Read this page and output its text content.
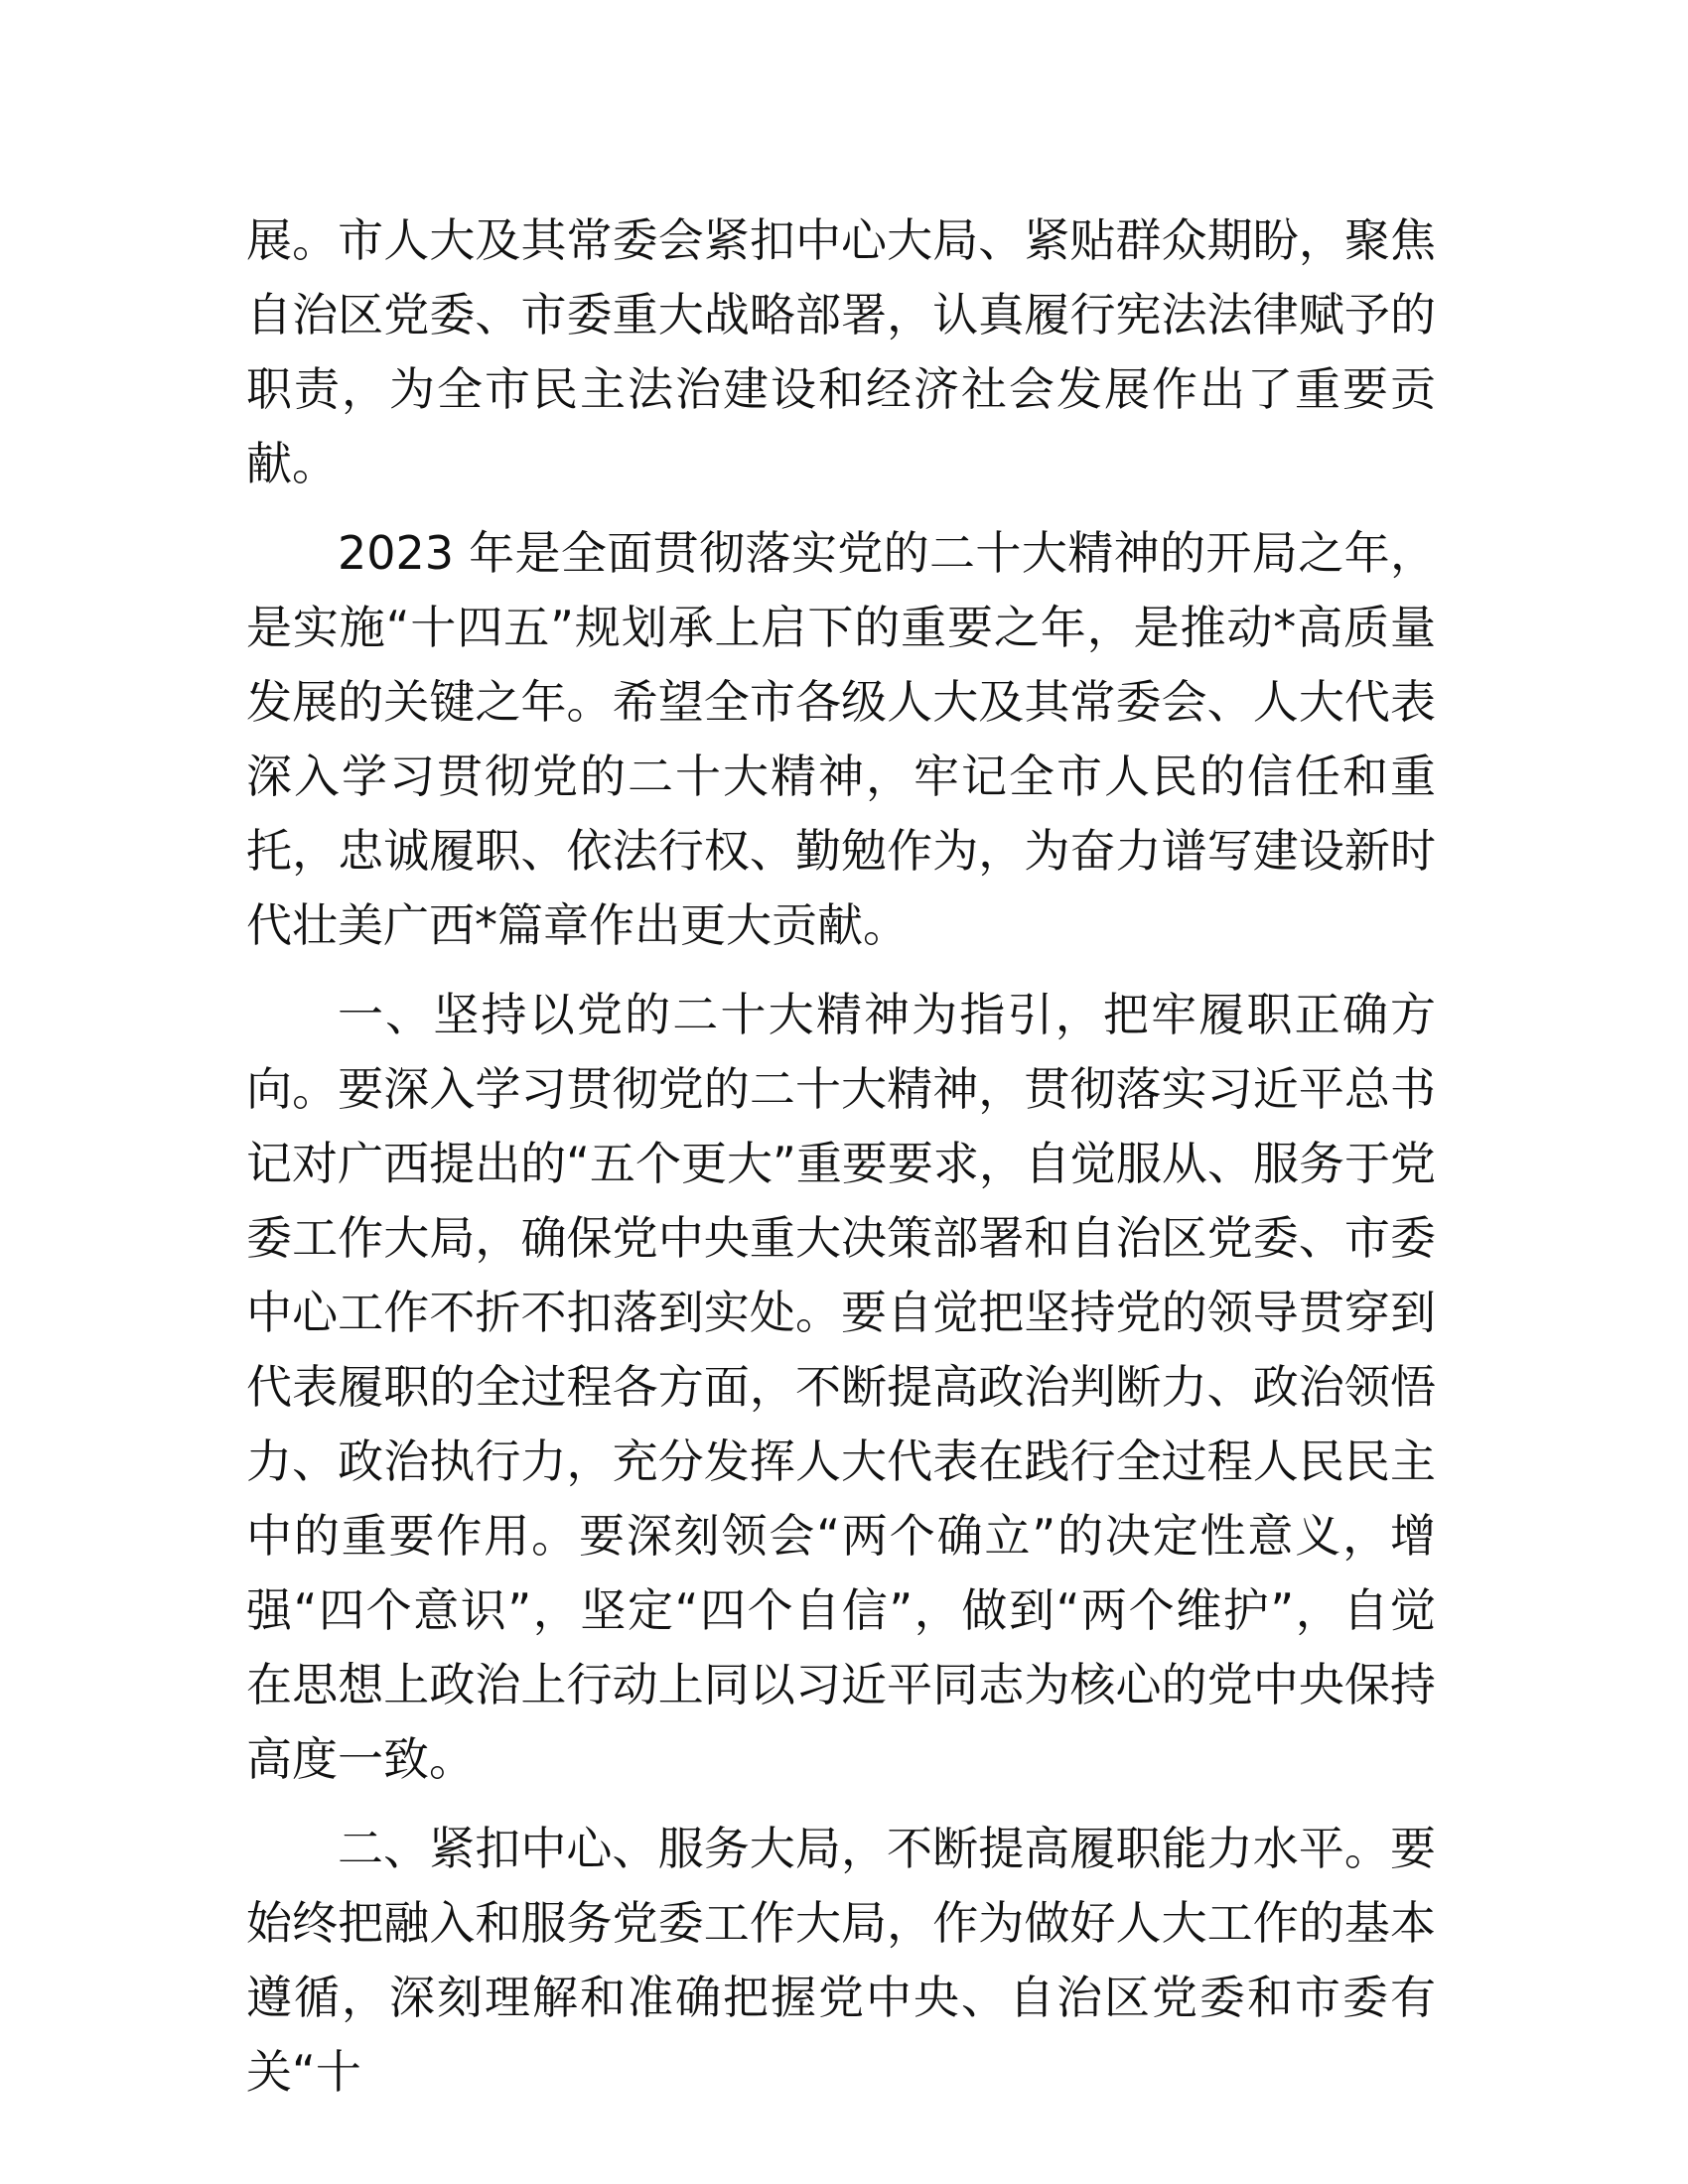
展。市人大及其常委会紧扣中心大局、紧贴群众期盼，聚焦自治区党委、市委重大战略部署，认真履行宪法法律赋予的职责，为全市民主法治建设和经济社会发展作出了重要贡献。

2023 年是全面贯彻落实党的二十大精神的开局之年，是实施“十四五”规划承上启下的重要之年，是推动*高质量发展的关键之年。希望全市各级人大及其常委会、人大代表深入学习贯彻党的二十大精神，牢记全市人民的信任和重托，忠诚履职、依法行权、勤勉作为，为奋力谱写建设新时代壮美广西*篇章作出更大贡献。

一、坚持以党的二十大精神为指引，把牢履职正确方向。要深入学习贯彻党的二十大精神，贯彻落实习近平总书记对广西提出的“五个更大”重要要求，自觉服从、服务于党委工作大局，确保党中央重大决策部署和自治区党委、市委中心工作不折不扣落到实处。要自觉把坚持党的领导贯穿到代表履职的全过程各方面，不断提高政治判断力、政治领悟力、政治执行力，充分发挥人大代表在践行全过程人民民主中的重要作用。要深刻领会“两个确立”的决定性意义，增强“四个意识”，坚定“四个自信”，做到“两个维护”，自觉在思想上政治上行动上同以习近平同志为核心的党中央保持高度一致。

二、紧扣中心、服务大局，不断提高履职能力水平。要始终把融入和服务党委工作大局，作为做好人大工作的基本遵循，深刻理解和准确把握党中央、自治区党委和市委有关“十
